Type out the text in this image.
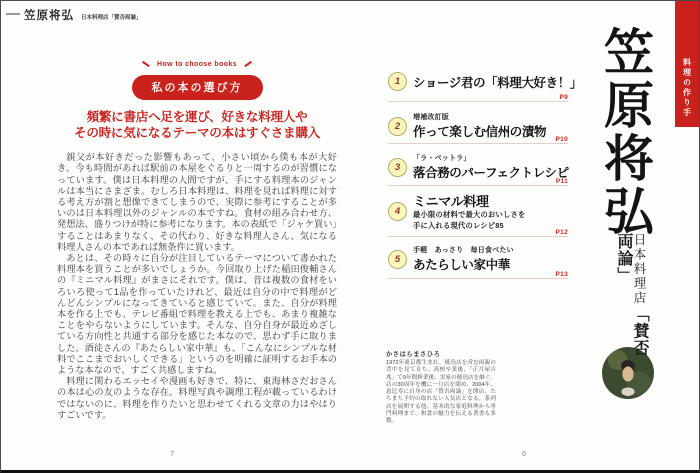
笠原将弘 日本料理店「賛否両論」
How to choose books
私の本の選び方
頻繁に書店へ足を運び、好きな料理人や
その時に気になるテーマの本はすぐさま購入

親父が本好きだった影響もあって、小さい頃から僕も本が大好き。今も時間があれば駅前の本屋をぐるりと一周するのが習慣になっています。僕は日本料理の人間ですが、手にする料理本のジャンルは本当にさまざま。むしろ日本料理は、料理を見れば料理に対する考え方が割と想像できてしまうので、実際に参考にすることが多いのは日本料理以外のジャンルの本ですね。食材の組み合わせ方、発想法、盛りつけが特に参考になります。本の表紙で「ジャケ買い」することはあまりなく、その代わり、好きな料理人さん、気になる料理人さんの本であれば無条件に買います。

あとは、その時々に自分が注目しているテーマについて書かれた料理本を買うことが多いでしょうか。今回取り上げた稲田俊輔さんの『ミニマル料理』がまさにそれです。僕は、昔は複数の食材をいろいろ使って1品を作っていたけれど、最近は自分の中で料理がどんどんシンプルになってきていると感じていて。また、自分が料理本を作る上でも、テレビ番組で料理を教える上でも、あまり複雑なことをやらないようにしています。そんな、自分自身が最近めざしている方向性と共通する部分を感じた本なので、思わず手に取りました。酒徒さんの『あたらしい家中華』も、「こんなにシンプルな材料でここまでおいしくできる」というのを明確に証明するお手本のような本なので、すごく共感しますね。

料理に関わるエッセイや漫画も好きで、特に、東海林さだおさんの本は心の友のような存在。料理写真や調理工程が載っているわけではないのに、料理を作りたいと思わせてくれる文章の力はやはりすごいです。

7
1 ショージ君の「料理大好き！」
P9
2
増補改訂版
作って楽しむ信州の漬物
P10
3
「ラ・ベットラ」
落合務のパーフェクトレシピ
P11
4
ミニマル料理
最小限の材料で最大のおいしさを
手に入れる現代のレシピ85
P12
5
手軽　あっさり　毎日食べたい
あたらしい家中華
P13
かさはらまさひろ
1972年東京都生まれ。焼鳥店を営む両親の背中を見て育ち、高校卒業後、「正月屋吉兆」で9年間修業後、実家の焼鳥店を継ぐ。店の30周年を機に一旦店を閉め、2004年、恵比寿に自身の店「賛否両論」を開店。たちまち予約の取れない人気店となる。系列店を展開する他、基本的な家庭料理から専門料理まで、和食の魅力を伝える著書も多数。
笠原将弘
日本料理店「賛否両論」
料理の作り手
6
